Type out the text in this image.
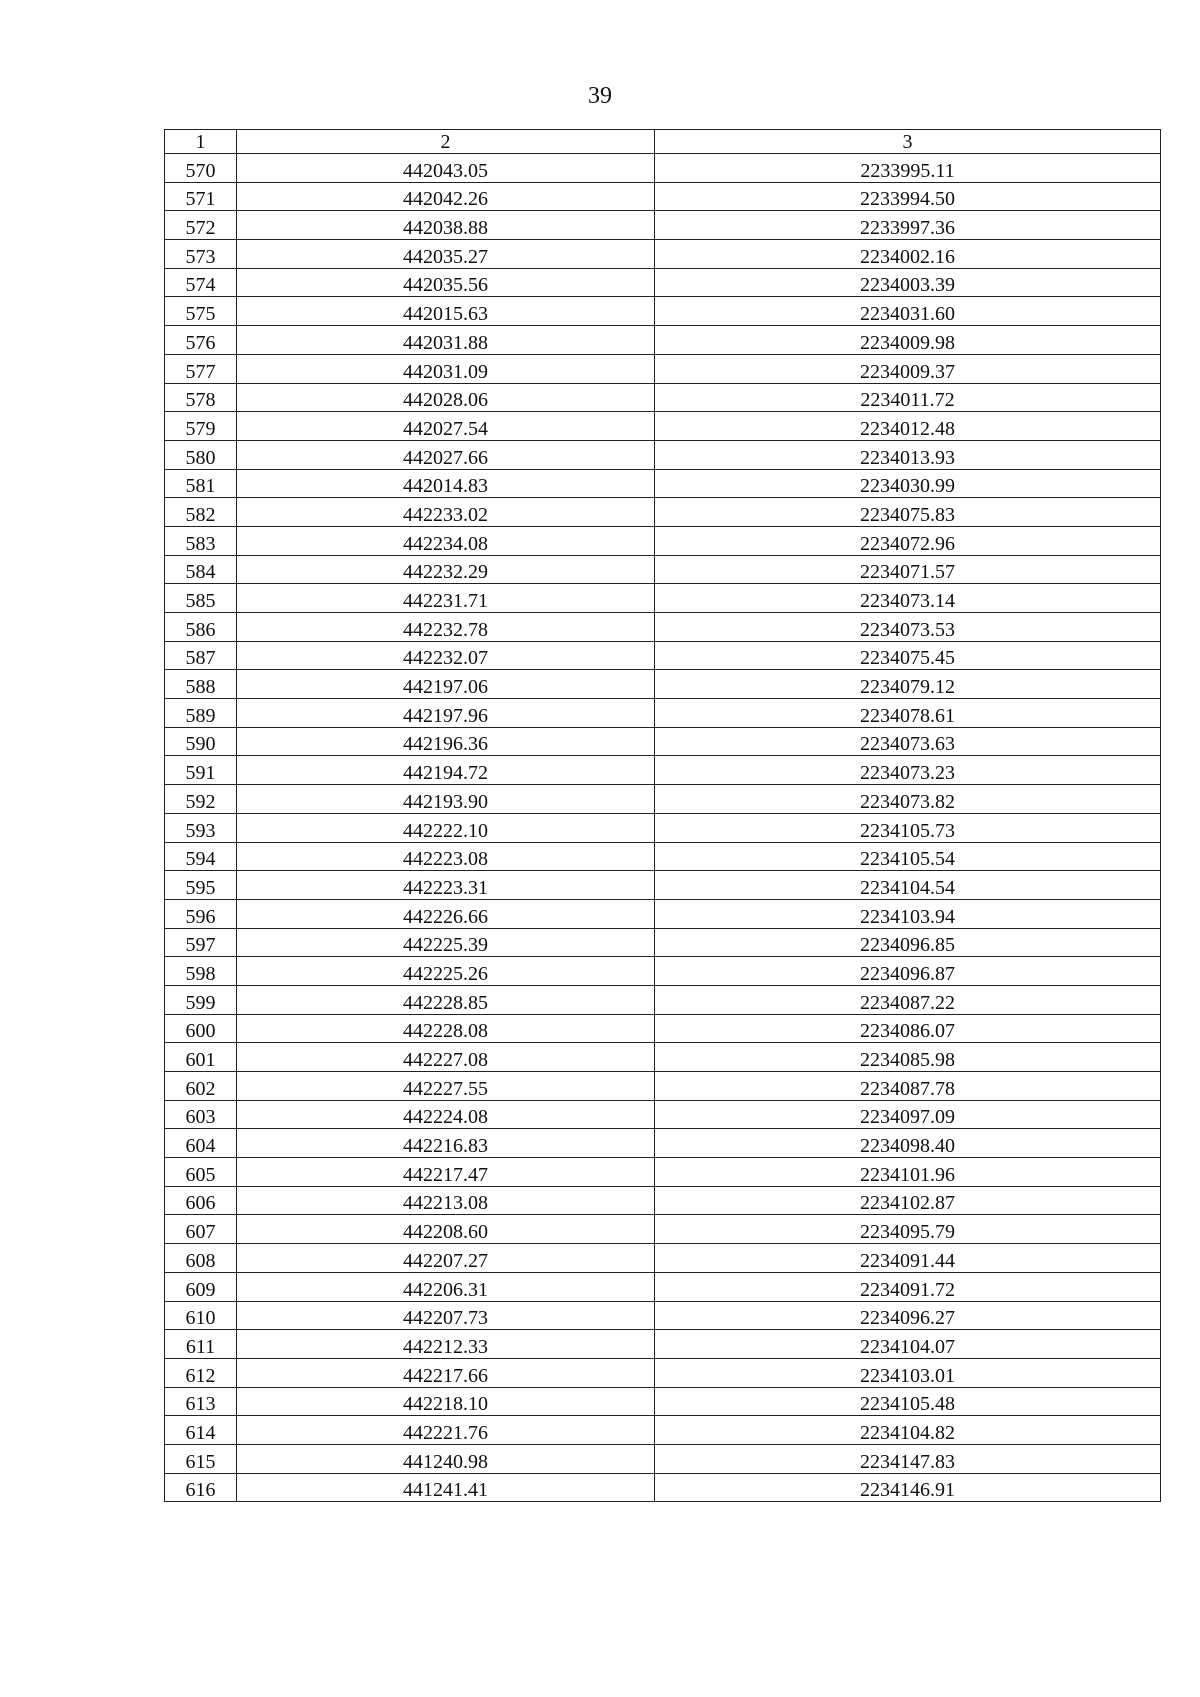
39
1	2	3
570	442043.05	2233995.11
571	442042.26	2233994.50
572	442038.88	2233997.36
573	442035.27	2234002.16
574	442035.56	2234003.39
575	442015.63	2234031.60
576	442031.88	2234009.98
577	442031.09	2234009.37
578	442028.06	2234011.72
579	442027.54	2234012.48
580	442027.66	2234013.93
581	442014.83	2234030.99
582	442233.02	2234075.83
583	442234.08	2234072.96
584	442232.29	2234071.57
585	442231.71	2234073.14
586	442232.78	2234073.53
587	442232.07	2234075.45
588	442197.06	2234079.12
589	442197.96	2234078.61
590	442196.36	2234073.63
591	442194.72	2234073.23
592	442193.90	2234073.82
593	442222.10	2234105.73
594	442223.08	2234105.54
595	442223.31	2234104.54
596	442226.66	2234103.94
597	442225.39	2234096.85
598	442225.26	2234096.87
599	442228.85	2234087.22
600	442228.08	2234086.07
601	442227.08	2234085.98
602	442227.55	2234087.78
603	442224.08	2234097.09
604	442216.83	2234098.40
605	442217.47	2234101.96
606	442213.08	2234102.87
607	442208.60	2234095.79
608	442207.27	2234091.44
609	442206.31	2234091.72
610	442207.73	2234096.27
611	442212.33	2234104.07
612	442217.66	2234103.01
613	442218.10	2234105.48
614	442221.76	2234104.82
615	441240.98	2234147.83
616	441241.41	2234146.91
